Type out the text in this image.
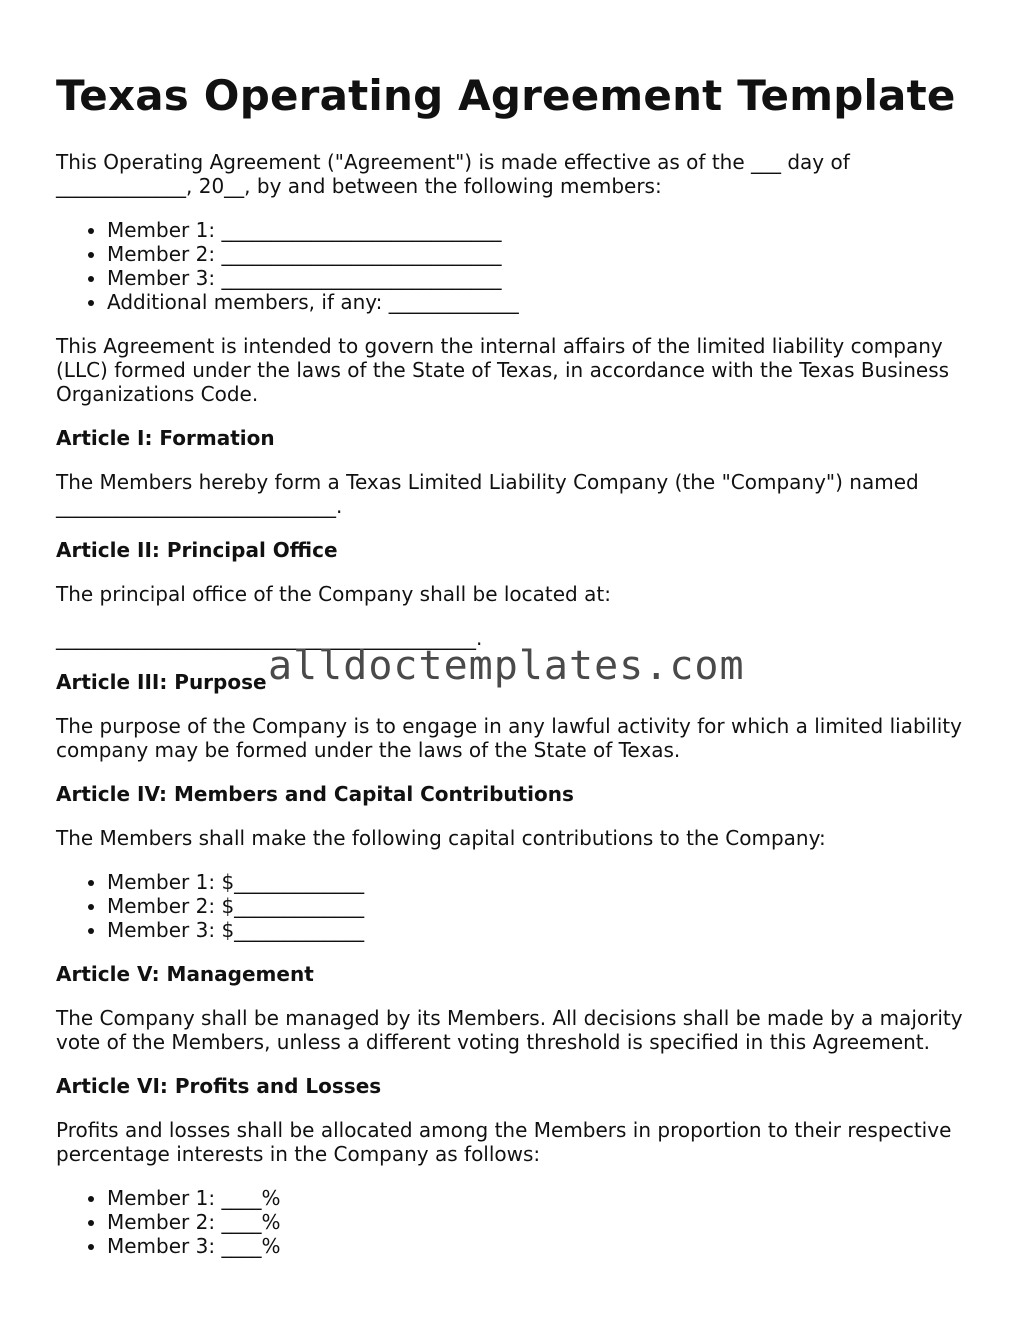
Texas Operating Agreement Template

This Operating Agreement ("Agreement") is made effective as of the ___ day of _____________, 20__, by and between the following members:

• Member 1: ____________________________
• Member 2: ____________________________
• Member 3: ____________________________
• Additional members, if any: _____________

This Agreement is intended to govern the internal affairs of the limited liability company (LLC) formed under the laws of the State of Texas, in accordance with the Texas Business Organizations Code.

Article I: Formation

The Members hereby form a Texas Limited Liability Company (the "Company") named ____________________________.

Article II: Principal Office

The principal office of the Company shall be located at:

__________________________________________.
Article III: Purpose

The purpose of the Company is to engage in any lawful activity for which a limited liability company may be formed under the laws of the State of Texas.

Article IV: Members and Capital Contributions

The Members shall make the following capital contributions to the Company:

• Member 1: $_____________
• Member 2: $_____________
• Member 3: $_____________
Article V: Management

The Company shall be managed by its Members. All decisions shall be made by a majority vote of the Members, unless a different voting threshold is specified in this Agreement.

Article VI: Profits and Losses

Profits and losses shall be allocated among the Members in proportion to their respective percentage interests in the Company as follows:

• Member 1: ____%
• Member 2: ____%
• Member 3: ____%
alldoctemplates.com
